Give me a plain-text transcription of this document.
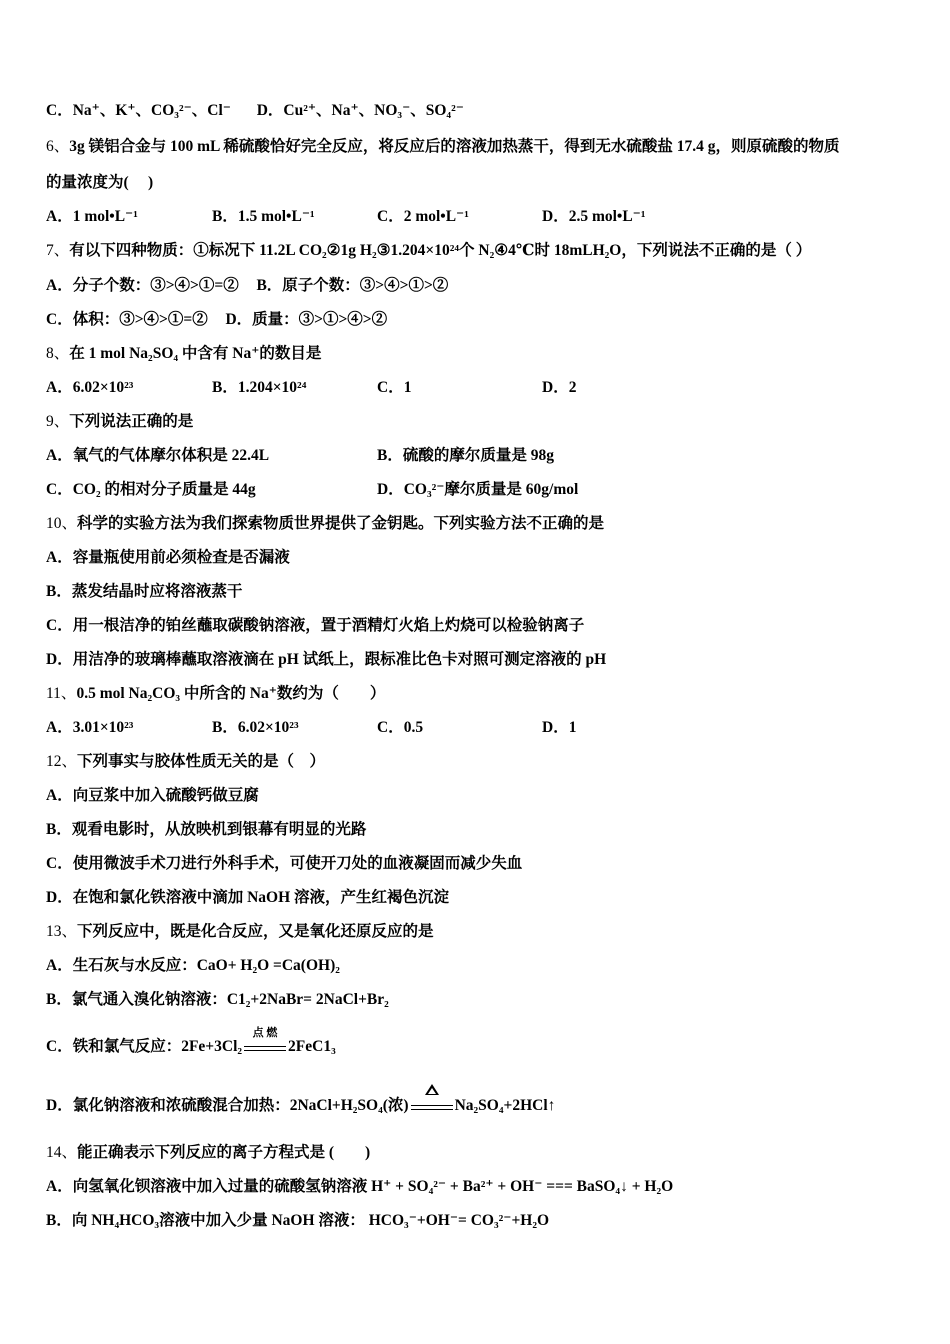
C．Na⁺、K⁺、CO₃²⁻、Cl⁻ D．Cu²⁺、Na⁺、NO₃⁻、SO₄²⁻
6、3g 镁铝合金与 100 mL 稀硫酸恰好完全反应，将反应后的溶液加热蒸干，得到无水硫酸盐 17.4 g，则原硫酸的物质
的量浓度为(　 )
A．1 mol•L⁻¹	B．1.5 mol•L⁻¹	C．2 mol•L⁻¹	D．2.5 mol•L⁻¹
7、有以下四种物质：①标况下 11.2L CO₂②1g H₂③1.204×10²⁴个 N₂④4℃时 18mLH₂O，下列说法不正确的是（ ）
A．分子个数：③>④>①=② B．原子个数：③>④>①>②
C．体积：③>④>①=② D．质量：③>①>④>②
8、在 1 mol Na₂SO₄ 中含有 Na⁺的数目是
A．6.02×10²³	B．1.204×10²⁴	C．1	D．2
9、下列说法正确的是
A．氧气的气体摩尔体积是 22.4L	B．硫酸的摩尔质量是 98g
C．CO₂ 的相对分子质量是 44g	D．CO₃²⁻摩尔质量是 60g/mol
10、科学的实验方法为我们探索物质世界提供了金钥匙。下列实验方法不正确的是
A．容量瓶使用前必须检查是否漏液
B．蒸发结晶时应将溶液蒸干
C．用一根洁净的铂丝蘸取碳酸钠溶液，置于酒精灯火焰上灼烧可以检验钠离子
D．用洁净的玻璃棒蘸取溶液滴在 pH 试纸上，跟标准比色卡对照可测定溶液的 pH
11、0.5 mol Na₂CO₃ 中所含的 Na⁺数约为（　　）
A．3.01×10²³	B．6.02×10²³	C．0.5	D．1
12、下列事实与胶体性质无关的是（　）
A．向豆浆中加入硫酸钙做豆腐
B．观看电影时，从放映机到银幕有明显的光路
C．使用微波手术刀进行外科手术，可使开刀处的血液凝固而减少失血
D．在饱和氯化铁溶液中滴加 NaOH 溶液，产生红褐色沉淀
13、下列反应中，既是化合反应，又是氧化还原反应的是
A．生石灰与水反应：CaO+ H₂O =Ca(OH)₂
B．氯气通入溴化钠溶液：C1₂+2NaBr= 2NaCl+Br₂
C．铁和氯气反应：2Fe+3Cl₂
点 燃
2FeC1₃
D．氯化钠溶液和浓硫酸混合加热：2NaCl+H₂SO₄(浓)	Na₂SO₄+2HCl↑
14、能正确表示下列反应的离子方程式是 (　　)
A．向氢氧化钡溶液中加入过量的硫酸氢钠溶液 H⁺ + SO₄²⁻ + Ba²⁺ + OH⁻ === BaSO₄↓ + H₂O
B．向 NH₄HCO₃溶液中加入少量 NaOH 溶液： HCO₃⁻+OH⁻= CO₃²⁻+H₂O
